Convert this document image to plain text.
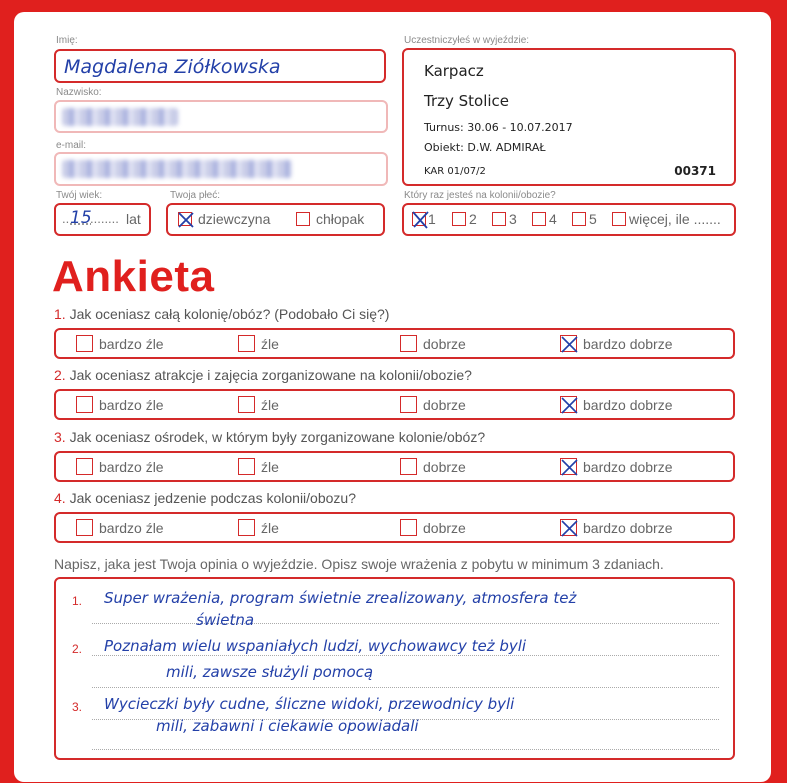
Imię:
Magdalena Ziółkowska
Nazwisko:
e-mail:
Twój wiek:
.. 15
........ lat
Twoja płeć:
dziewczyna	chłopak
Uczestniczyłeś w wyjeździe:
Karpacz
Trzy Stolice
Turnus: 30.06 - 10.07.2017
Obiekt: D.W. ADMIRAŁ
KAR 01/07/2	00371
Który raz jesteś na kolonii/obozie?
1 2 3 4 5 więcej, ile .......
Ankieta
Napisz, jaka jest Twoja opinia o wyjeździe. Opisz swoje wrażenia z pobytu w minimum 3 zdaniach.
1. Super wrażenia, program świetnie zrealizowany, atmosfera też
świetna
2. Poznałam wielu wspaniałych ludzi, wychowawcy też byli
mili, zawsze służyli pomocą
3. Wycieczki były cudne, śliczne widoki, przewodnicy byli
mili, zabawni i ciekawie opowiadali
1. Jak oceniasz całą kolonię/obóz? (Podobało Ci się?)
bardzo źle	źle	dobrze	bardzo dobrze
2. Jak oceniasz atrakcje i zajęcia zorganizowane na kolonii/obozie?
bardzo źle	źle	dobrze	bardzo dobrze
3. Jak oceniasz ośrodek, w którym były zorganizowane kolonie/obóz?
bardzo źle	źle	dobrze	bardzo dobrze
4. Jak oceniasz jedzenie podczas kolonii/obozu?
bardzo źle	źle	dobrze	bardzo dobrze
